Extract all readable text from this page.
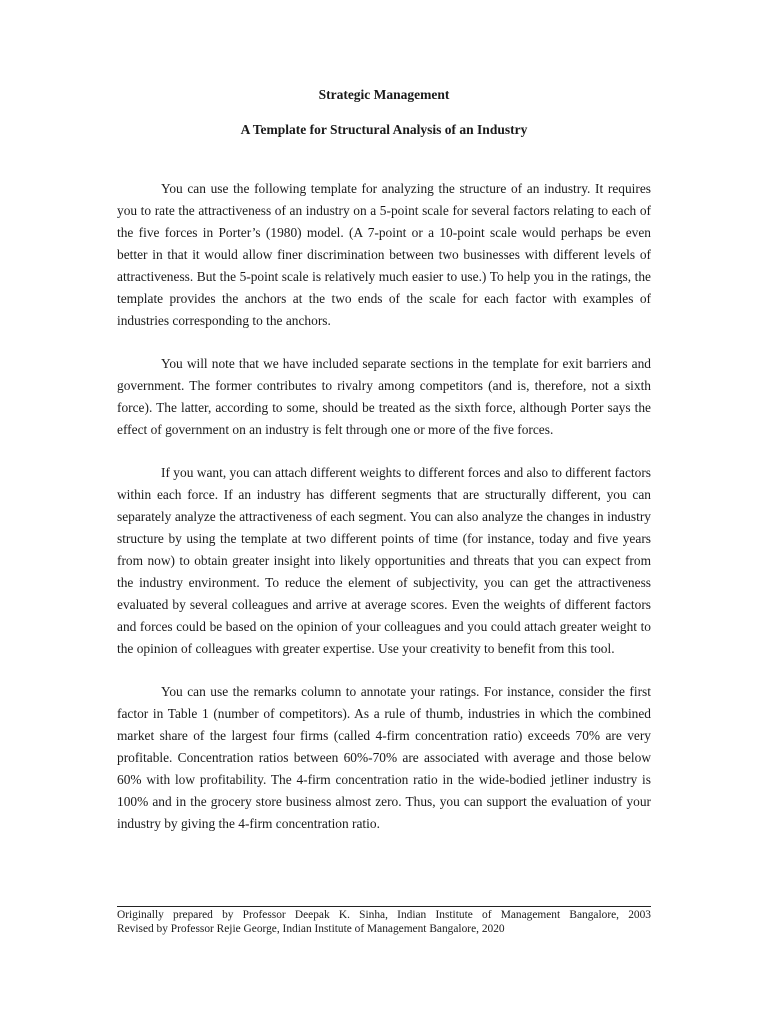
Strategic Management
A Template for Structural Analysis of an Industry

You can use the following template for analyzing the structure of an industry. It requires you to rate the attractiveness of an industry on a 5-point scale for several factors relating to each of the five forces in Porter’s (1980) model. (A 7-point or a 10-point scale would perhaps be even better in that it would allow finer discrimination between two businesses with different levels of attractiveness. But the 5-point scale is relatively much easier to use.) To help you in the ratings, the template provides the anchors at the two ends of the scale for each factor with examples of industries corresponding to the anchors.

You will note that we have included separate sections in the template for exit barriers and government. The former contributes to rivalry among competitors (and is, therefore, not a sixth force). The latter, according to some, should be treated as the sixth force, although Porter says the effect of government on an industry is felt through one or more of the five forces.

If you want, you can attach different weights to different forces and also to different factors within each force. If an industry has different segments that are structurally different, you can separately analyze the attractiveness of each segment. You can also analyze the changes in industry structure by using the template at two different points of time (for instance, today and five years from now) to obtain greater insight into likely opportunities and threats that you can expect from the industry environment. To reduce the element of subjectivity, you can get the attractiveness evaluated by several colleagues and arrive at average scores. Even the weights of different factors and forces could be based on the opinion of your colleagues and you could attach greater weight to the opinion of colleagues with greater expertise. Use your creativity to benefit from this tool.

You can use the remarks column to annotate your ratings. For instance, consider the first factor in Table 1 (number of competitors). As a rule of thumb, industries in which the combined market share of the largest four firms (called 4-firm concentration ratio) exceeds 70% are very profitable. Concentration ratios between 60%-70% are associated with average and those below 60% with low profitability. The 4-firm concentration ratio in the wide-bodied jetliner industry is 100% and in the grocery store business almost zero. Thus, you can support the evaluation of your industry by giving the 4-firm concentration ratio.

Originally prepared by Professor Deepak K. Sinha, Indian Institute of Management Bangalore, 2003

Revised by Professor Rejie George, Indian Institute of Management Bangalore, 2020
